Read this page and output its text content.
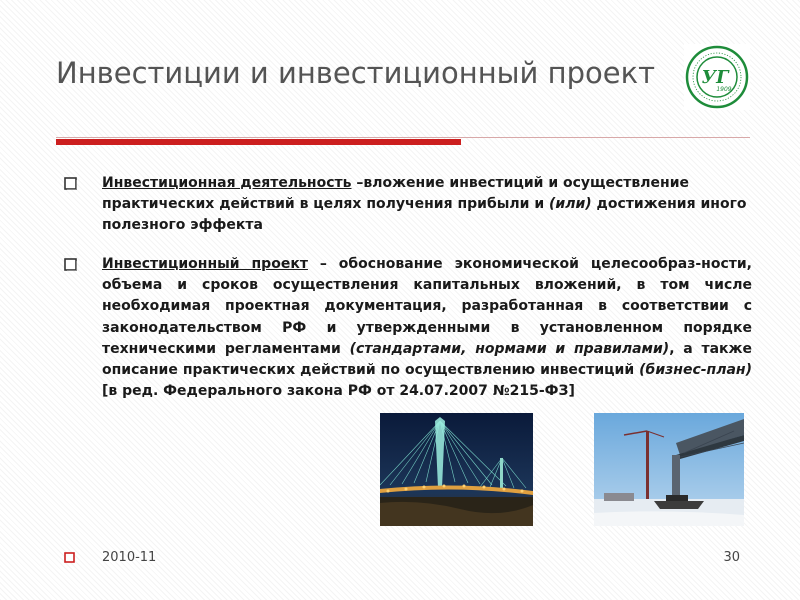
Инвестиции и инвестиционный проект	УГ
1909

Инвестиционная деятельность –вложение инвестиций и осуществление практических действий в целях получения прибыли и (или) достижения иного полезного эффекта

Инвестиционный проект – обоснование экономической целесообраз-ности, объема и сроков осуществления капитальных вложений, в том числе необходимая проектная документация, разработанная в соответствии с законодательством РФ и утвержденными в установленном порядке техническими регламентами (стандартами, нормами и правилами), а также описание практических действий по осуществлению инвестиций (бизнес-план) [в ред. Федерального закона РФ от 24.07.2007 №215-ФЗ]

2010-11	30
